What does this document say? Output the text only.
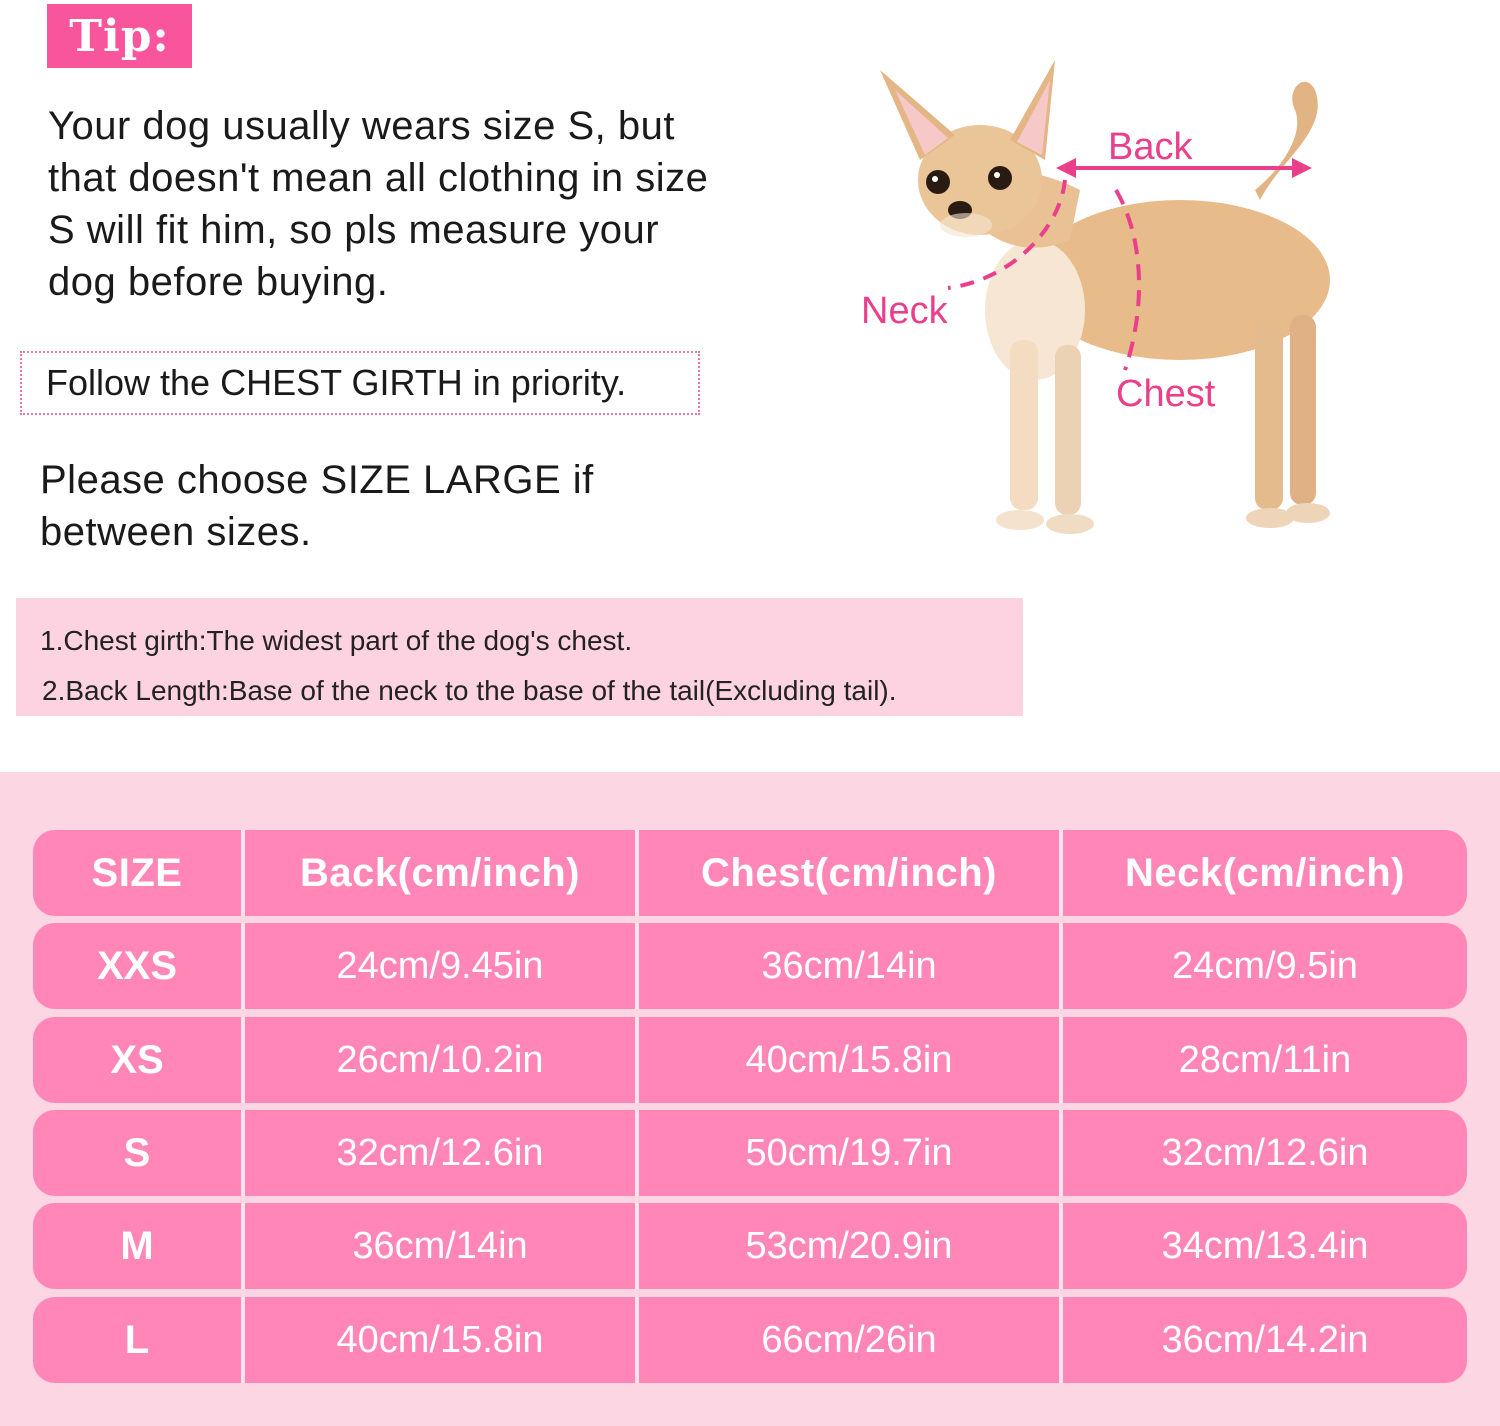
Tip:

Your dog usually wears size S, but that doesn't mean all clothing in size S will fit him, so pls measure your dog before buying.

Follow the CHEST GIRTH in priority.

Please choose SIZE LARGE if between sizes.

1.Chest girth:The widest part of the dog's chest.

2.Back Length:Base of the neck to the base of the tail(Excluding tail).

Back
Neck
Chest
SIZE	Back(cm/inch)	Chest(cm/inch)	Neck(cm/inch)
XXS	24cm/9.45in	36cm/14in	24cm/9.5in
XS	26cm/10.2in	40cm/15.8in	28cm/11in
S	32cm/12.6in	50cm/19.7in	32cm/12.6in
M	36cm/14in	53cm/20.9in	34cm/13.4in
L	40cm/15.8in	66cm/26in	36cm/14.2in
